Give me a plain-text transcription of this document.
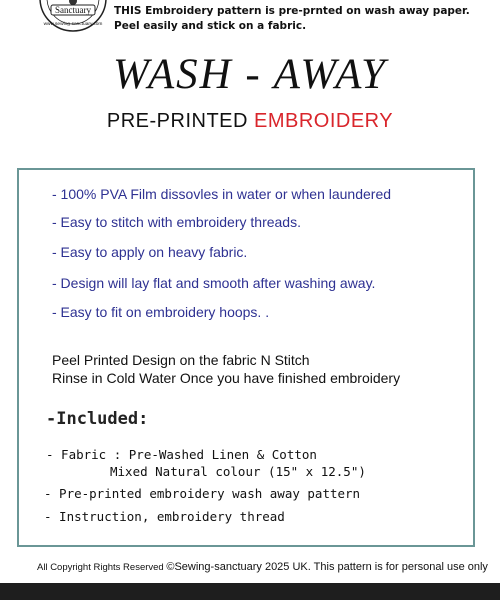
Sanctuary
www.sewing-sanctuary.com
THIS Embroidery pattern is pre-prnted on wash away paper.
Peel easily and stick on a fabric.
WASH - AWAY
PRE-PRINTED EMBROIDERY
- 100% PVA Film dissovles in water or when laundered
- Easy to stitch with embroidery threads.
- Easy to apply on heavy fabric.
- Design will lay flat and smooth after washing away.
- Easy to fit on embroidery hoops. .
Peel Printed Design on the fabric N Stitch
Rinse in Cold Water Once you have finished embroidery
-Included:
- Fabric : Pre-Washed Linen & Cotton
Mixed Natural colour (15" x 12.5")
- Pre-printed embroidery wash away pattern
- Instruction, embroidery thread
All Copyright Rights Reserved ©Sewing-sanctuary 2025 UK. This pattern is for personal use only
